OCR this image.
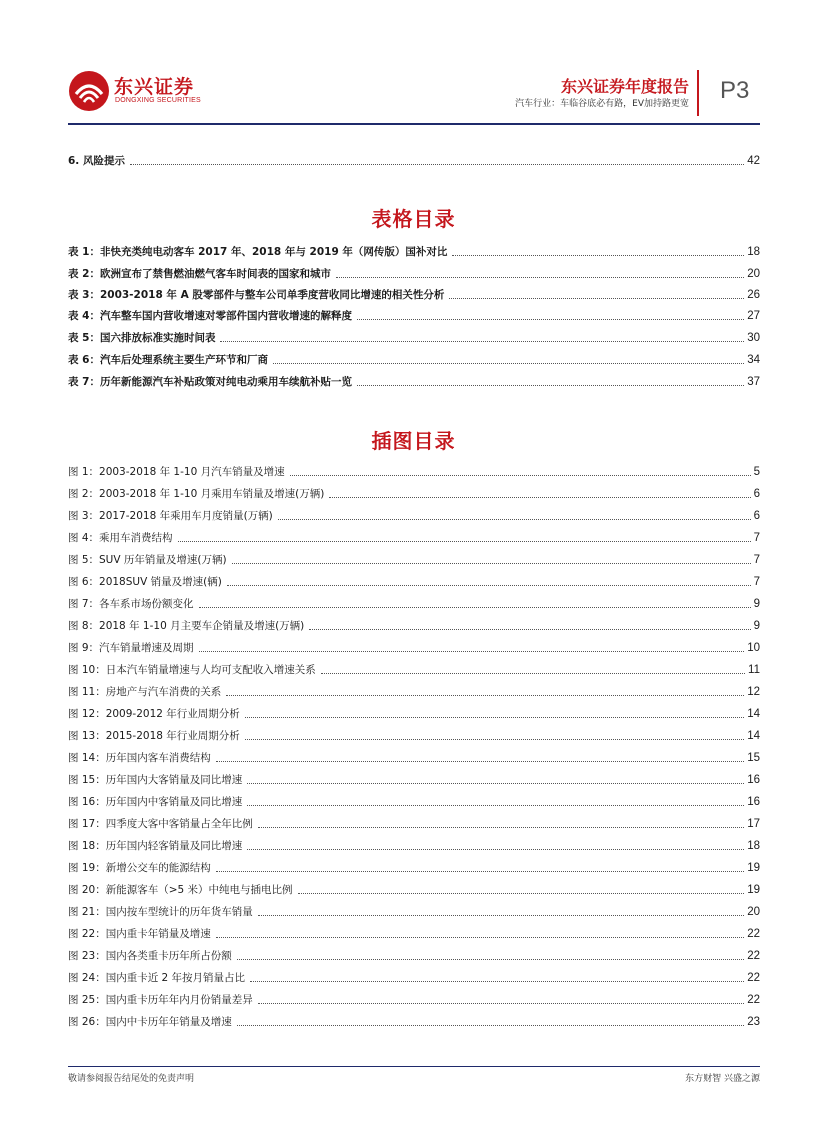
东兴证券
DONGXING SECURITIES
东兴证券年度报告
汽车行业：车临谷底必有路，EV加持路更宽 P3
6. 风险提示	42
表格目录
表 1：非快充类纯电动客车 2017 年、2018 年与 2019 年（网传版）国补对比	18
表 2：欧洲宣布了禁售燃油燃气客车时间表的国家和城市	20
表 3：2003-2018 年 A 股零部件与整车公司单季度营收同比增速的相关性分析	26
表 4：汽车整车国内营收增速对零部件国内营收增速的解释度	27
表 5：国六排放标准实施时间表	30
表 6：汽车后处理系统主要生产环节和厂商	34
表 7：历年新能源汽车补贴政策对纯电动乘用车续航补贴一览	37
插图目录
图 1：2003-2018 年 1-10 月汽车销量及增速	5
图 2：2003-2018 年 1-10 月乘用车销量及增速(万辆)	6
图 3：2017-2018 年乘用车月度销量(万辆)	6
图 4：乘用车消费结构	7
图 5：SUV 历年销量及增速(万辆)	7
图 6：2018SUV 销量及增速(辆)	7
图 7：各车系市场份额变化	9
图 8：2018 年 1-10 月主要车企销量及增速(万辆)	9
图 9：汽车销量增速及周期	10
图 10：日本汽车销量增速与人均可支配收入增速关系	11
图 11：房地产与汽车消费的关系	12
图 12：2009-2012 年行业周期分析	14
图 13：2015-2018 年行业周期分析	14
图 14：历年国内客车消费结构	15
图 15：历年国内大客销量及同比增速	16
图 16：历年国内中客销量及同比增速	16
图 17：四季度大客中客销量占全年比例	17
图 18：历年国内轻客销量及同比增速	18
图 19：新增公交车的能源结构	19
图 20：新能源客车（>5 米）中纯电与插电比例	19
图 21：国内按车型统计的历年货车销量	20
图 22：国内重卡年销量及增速	22
图 23：国内各类重卡历年所占份额	22
图 24：国内重卡近 2 年按月销量占比	22
图 25：国内重卡历年年内月份销量差异	22
图 26：国内中卡历年年销量及增速	23
敬请参阅报告结尾处的免责声明	东方财智 兴盛之源
